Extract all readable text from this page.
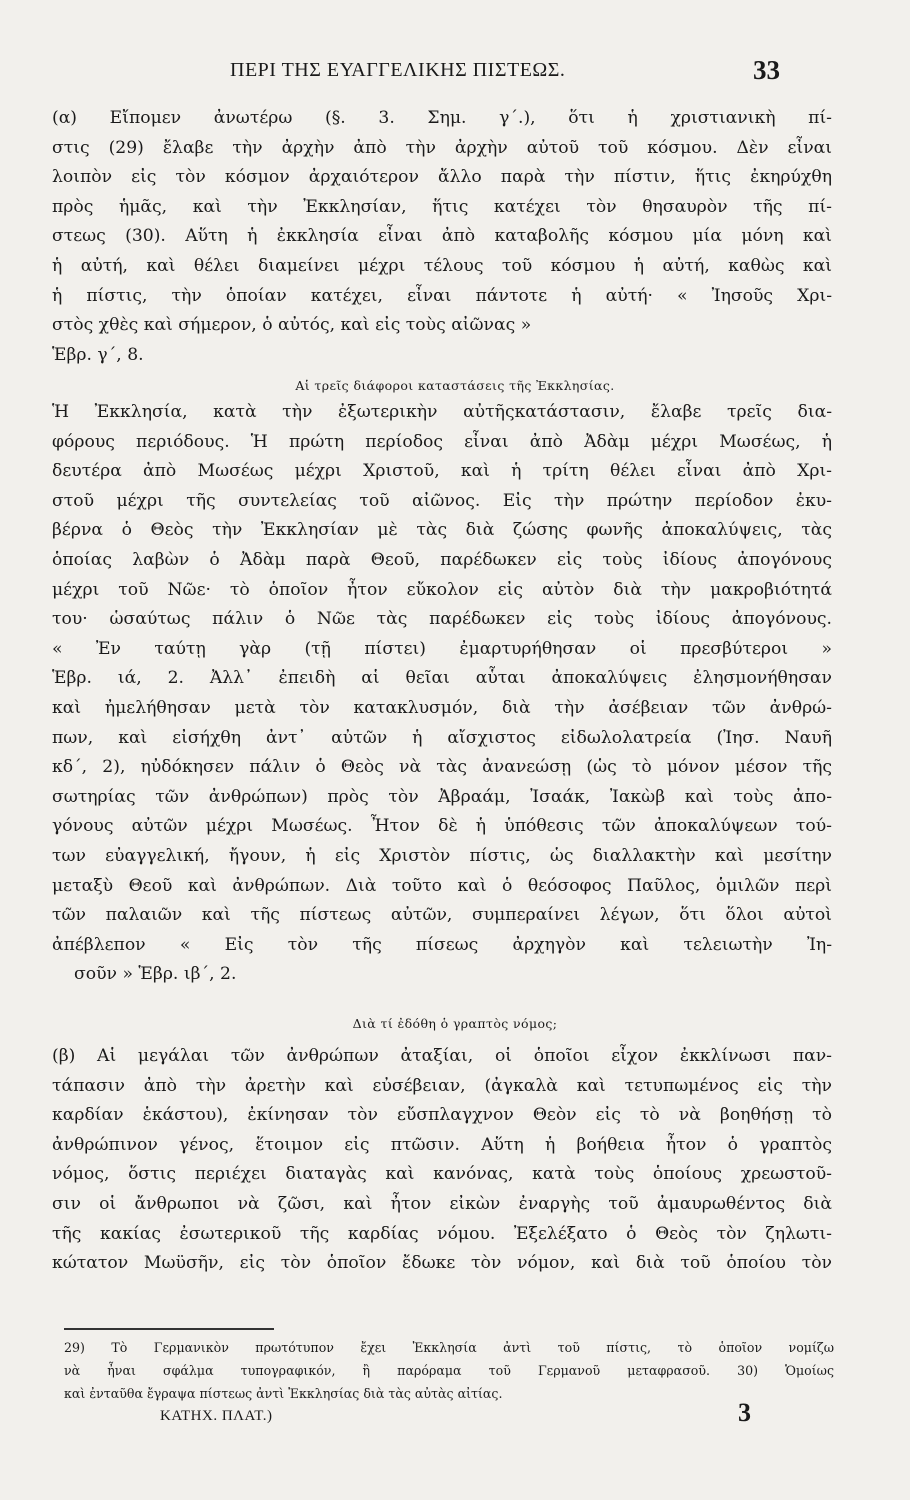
ΠΕΡΙ ΤΗΣ ΕΥΑΓΓΕΛΙΚΗΣ ΠΙΣΤΕΩΣ.	33
(α) Εἴπομεν ἀνωτέρω (§. 3. Σημ. γ΄.), ὅτι ἡ χριστιανικὴ πί-
στις (29) ἔλαβε τὴν ἀρχὴν ἀπὸ τὴν ἀρχὴν αὐτοῦ τοῦ κόσμου. Δὲν εἶναι
λοιπὸν εἰς τὸν κόσμον ἀρχαιότερον ἄλλο παρὰ τὴν πίστιν, ἥτις ἐκηρύχθη
πρὸς ἡμᾶς, καὶ τὴν Ἐκκλησίαν, ἥτις κατέχει τὸν θησαυρὸν τῆς πί-
στεως (30). Αὕτη ἡ ἐκκλησία εἶναι ἀπὸ καταβολῆς κόσμου μία μόνη καὶ
ἡ αὐτή, καὶ θέλει διαμείνει μέχρι τέλους τοῦ κόσμου ἡ αὐτή, καθὼς καὶ
ἡ πίστις, τὴν ὁποίαν κατέχει, εἶναι πάντοτε ἡ αὐτή· « Ἰησοῦς Χρι-
στὸς χθὲς καὶ σήμερον, ὁ αὐτός, καὶ εἰς τοὺς αἰῶνας »
Ἑβρ. γ΄, 8.
Αἱ τρεῖς διάφοροι καταστάσεις τῆς Ἐκκλησίας.
Ἡ Ἐκκλησία, κατὰ τὴν ἐξωτερικὴν αὐτῆςκατάστασιν, ἔλαβε τρεῖς δια-
φόρους περιόδους. Ἡ πρώτη περίοδος εἶναι ἀπὸ Ἀδὰμ μέχρι Μωσέως, ἡ
δευτέρα ἀπὸ Μωσέως μέχρι Χριστοῦ, καὶ ἡ τρίτη θέλει εἶναι ἀπὸ Χρι-
στοῦ μέχρι τῆς συντελείας τοῦ αἰῶνος. Εἰς τὴν πρώτην περίοδον ἐκυ-
βέρνα ὁ Θεὸς τὴν Ἐκκλησίαν μὲ τὰς διὰ ζώσης φωνῆς ἀποκαλύψεις, τὰς
ὁποίας λαβὼν ὁ Ἀδὰμ παρὰ Θεοῦ, παρέδωκεν εἰς τοὺς ἰδίους ἀπογόνους
μέχρι τοῦ Νῶε· τὸ ὁποῖον ἦτον εὔκολον εἰς αὐτὸν διὰ τὴν μακροβιότητά
του· ὡσαύτως πάλιν ὁ Νῶε τὰς παρέδωκεν εἰς τοὺς ἰδίους ἀπογόνους.
« Ἐν ταύτῃ γὰρ (τῇ πίστει) ἐμαρτυρήθησαν οἱ πρεσβύτεροι »
Ἑβρ. ιά, 2. Ἀλλ᾽ ἐπειδὴ αἱ θεῖαι αὗται ἀποκαλύψεις ἐλησμονήθησαν
καὶ ἠμελήθησαν μετὰ τὸν κατακλυσμόν, διὰ τὴν ἀσέβειαν τῶν ἀνθρώ-
πων, καὶ εἰσήχθη ἀντ᾽ αὐτῶν ἡ αἴσχιστος εἰδωλολατρεία (Ἰησ. Ναυῆ
κδ΄, 2), ηὐδόκησεν πάλιν ὁ Θεὸς νὰ τὰς ἀνανεώσῃ (ὡς τὸ μόνον μέσον τῆς
σωτηρίας τῶν ἀνθρώπων) πρὸς τὸν Ἀβραάμ, Ἰσαάκ, Ἰακὼβ καὶ τοὺς ἀπο-
γόνους αὐτῶν μέχρι Μωσέως. Ἦτον δὲ ἡ ὑπόθεσις τῶν ἀποκαλύψεων τού-
των εὐαγγελική, ἤγουν, ἡ εἰς Χριστὸν πίστις, ὡς διαλλακτὴν καὶ μεσίτην
μεταξὺ Θεοῦ καὶ ἀνθρώπων. Διὰ τοῦτο καὶ ὁ θεόσοφος Παῦλος, ὁμιλῶν περὶ
τῶν παλαιῶν καὶ τῆς πίστεως αὐτῶν, συμπεραίνει λέγων, ὅτι ὅλοι αὐτοὶ
ἀπέβλεπον « Εἰς τὸν τῆς πίσεως ἀρχηγὸν καὶ τελειωτὴν Ἰη-
σοῦν » Ἑβρ. ιβ΄, 2.
Διὰ τί ἐδόθη ὁ γραπτὸς νόμος;
(β) Αἱ μεγάλαι τῶν ἀνθρώπων ἀταξίαι, οἱ ὁποῖοι εἶχον ἐκκλίνωσι παν-
τάπασιν ἀπὸ τὴν ἀρετὴν καὶ εὐσέβειαν, (ἀγκαλὰ καὶ τετυπωμένος εἰς τὴν
καρδίαν ἑκάστου), ἐκίνησαν τὸν εὔσπλαγχνον Θεὸν εἰς τὸ νὰ βοηθήσῃ τὸ
ἀνθρώπινον γένος, ἕτοιμον εἰς πτῶσιν. Αὕτη ἡ βοήθεια ἦτον ὁ γραπτὸς
νόμος, ὅστις περιέχει διαταγὰς καὶ κανόνας, κατὰ τοὺς ὁποίους χρεωστοῦ-
σιν οἱ ἄνθρωποι νὰ ζῶσι, καὶ ἦτον εἰκὼν ἐναργὴς τοῦ ἀμαυρωθέντος διὰ
τῆς κακίας ἐσωτερικοῦ τῆς καρδίας νόμου. Ἐξελέξατο ὁ Θεὸς τὸν ζηλωτι-
κώτατον Μωϋσῆν, εἰς τὸν ὁποῖον ἔδωκε τὸν νόμον, καὶ διὰ τοῦ ὁποίου τὸν
29) Τὸ Γερμανικὸν πρωτότυπον ἔχει Ἐκκλησία ἀντὶ τοῦ πίστις, τὸ ὁποῖον νομίζω
νὰ ἦναι σφάλμα τυπογραφικόν, ἢ παρόραμα τοῦ Γερμανοῦ μεταφρασοῦ. 30) Ὁμοίως
καὶ ἐνταῦθα ἔγραψα πίστεως ἀντὶ Ἐκκλησίας διὰ τὰς αὐτὰς αἰτίας.
ΚΑΤΗΧ. ΠΛΑΤ.)	3
